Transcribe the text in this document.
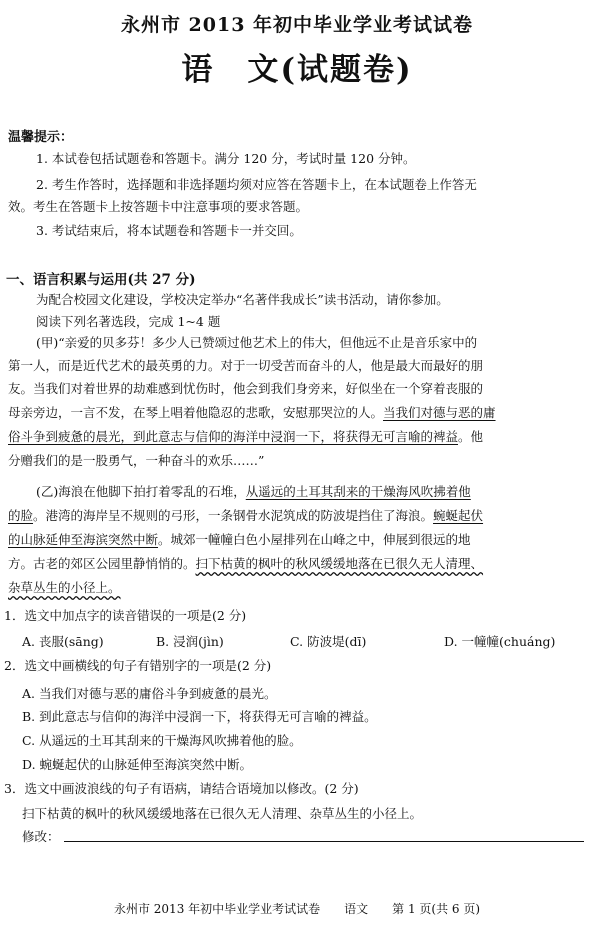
永州市 2013 年初中毕业学业考试试卷
语　文(试题卷)
温馨提示：
1. 本试卷包括试题卷和答题卡。满分 120 分，考试时量 120 分钟。
2. 考生作答时，选择题和非选择题均须对应答在答题卡上，在本试题卷上作答无
效。考生在答题卡上按答题卡中注意事项的要求答题。
3. 考试结束后，将本试题卷和答题卡一并交回。
一、语言积累与运用(共 27 分)
为配合校园文化建设，学校决定举办“名著伴我成长”读书活动，请你参加。
阅读下列名著选段，完成 1~4 题
(甲)“亲爱的贝多芬！多少人已赞颂过他艺术上的伟大，但他远不止是音乐家中的
第一人，而是近代艺术的最英勇的力。对于一切受苦而奋斗的人，他是最大而最好的朋
友。当我们对着世界的劫难感到忧伤时，他会到我们身旁来，好似坐在一个穿着丧服的
母亲旁边，一言不发，在琴上唱着他隐忍的悲歌，安慰那哭泣的人。当我们对德与恶的庸
俗斗争到疲惫的晨光，到此意志与信仰的海洋中浸润一下，将获得无可言喻的裨益。他
分赠我们的是一股勇气，一种奋斗的欢乐……”
(乙)海浪在他脚下拍打着零乱的石堆，从遥远的土耳其刮来的干燥海风吹拂着他
的脸。港湾的海岸呈不规则的弓形，一条钢骨水泥筑成的防波堤挡住了海浪。蜿蜒起伏
的山脉延伸至海滨突然中断。城郊一幢幢白色小屋排列在山峰之中，伸展到很远的地
方。古老的郊区公园里静悄悄的。扫下枯黄的枫叶的秋风缓缓地落在已很久无人清理、
杂草丛生的小径上。
1．选文中加点字的读音错误的一项是(2 分)
A. 丧服(sāng)	B. 浸润(jìn)	C. 防波堤(dī)	D. 一幢幢(chuáng)
2．选文中画横线的句子有错别字的一项是(2 分)
A. 当我们对德与恶的庸俗斗争到疲惫的晨光。
B. 到此意志与信仰的海洋中浸润一下，将获得无可言喻的裨益。
C. 从遥远的土耳其刮来的干燥海风吹拂着他的脸。
D. 蜿蜒起伏的山脉延伸至海滨突然中断。
3．选文中画波浪线的句子有语病，请结合语境加以修改。(2 分)
扫下枯黄的枫叶的秋风缓缓地落在已很久无人清理、杂草丛生的小径上。
修改：
永州市 2013 年初中毕业学业考试试卷　　语文　　第 1 页(共 6 页)
